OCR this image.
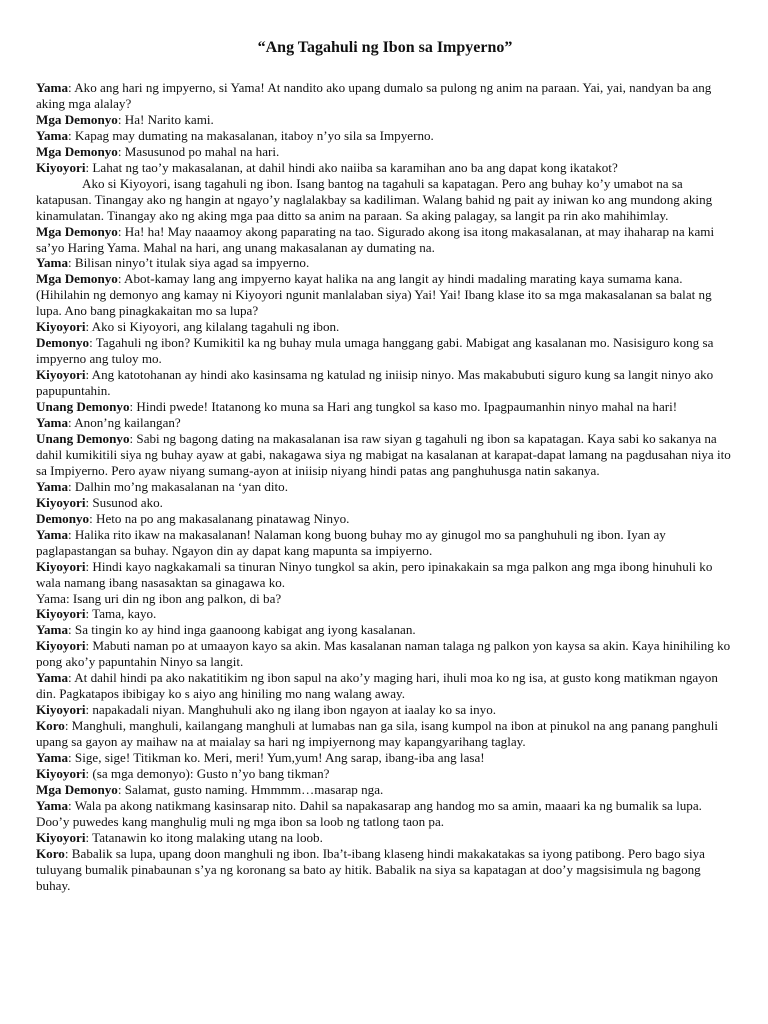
“Ang Tagahuli ng Ibon sa Impyerno”

Yama: Ako ang hari ng impyerno, si Yama! At nandito ako upang dumalo sa pulong ng anim na paraan. Yai, yai, nandyan ba ang aking mga alalay?

Mga Demonyo: Ha! Narito kami.

Yama: Kapag may dumating na makasalanan, itaboy n’yo sila sa Impyerno.

Mga Demonyo: Masusunod po mahal na hari.

Kiyoyori: Lahat ng tao’y makasalanan, at dahil hindi ako naiiba sa karamihan ano ba ang dapat kong ikatakot?

Ako si Kiyoyori, isang tagahuli ng ibon. Isang bantog na tagahuli sa kapatagan. Pero ang buhay ko’y umabot na sa katapusan. Tinangay ako ng hangin at ngayo’y naglalakbay sa kadiliman. Walang bahid ng pait ay iniwan ko ang mundong aking kinamulatan. Tinangay ako ng aking mga paa ditto sa anim na paraan. Sa aking palagay, sa langit pa rin ako mahihimlay.

Mga Demonyo: Ha! ha! May naaamoy akong paparating na tao. Sigurado akong isa itong makasalanan, at may ihaharap na kami sa’yo Haring Yama. Mahal na hari, ang unang makasalanan ay dumating na.

Yama: Bilisan ninyo’t itulak siya agad sa impyerno.

Mga Demonyo: Abot-kamay lang ang impyerno kayat halika na ang langit ay hindi madaling marating kaya sumama kana. (Hihilahin ng demonyo ang kamay ni Kiyoyori ngunit manlalaban siya) Yai! Yai! Ibang klase ito sa mga makasalanan sa balat ng lupa. Ano bang pinagkakaitan mo sa lupa?

Kiyoyori: Ako si Kiyoyori, ang kilalang tagahuli ng ibon.

Demonyo: Tagahuli ng ibon? Kumikitil ka ng buhay mula umaga hanggang gabi. Mabigat ang kasalanan mo. Nasisiguro kong sa impyerno ang tuloy mo.

Kiyoyori: Ang katotohanan ay hindi ako kasinsama ng katulad ng iniisip ninyo. Mas makabubuti siguro kung sa langit ninyo ako papupuntahin.

Unang Demonyo: Hindi pwede! Itatanong ko muna sa Hari ang tungkol sa kaso mo. Ipagpaumanhin ninyo mahal na hari!

Yama: Anon’ng kailangan?

Unang Demonyo: Sabi ng bagong dating na makasalanan isa raw siyan g tagahuli ng ibon sa kapatagan. Kaya sabi ko sakanya na dahil kumikitili siya ng buhay ayaw at gabi, nakagawa siya ng mabigat na kasalanan at karapat-dapat lamang na pagdusahan niya ito sa Impiyerno. Pero ayaw niyang sumang-ayon at iniisip niyang hindi patas ang panghuhusga natin sakanya.

Yama: Dalhin mo’ng makasalanan na ‘yan dito.

Kiyoyori: Susunod ako.

Demonyo: Heto na po ang makasalanang pinatawag Ninyo.

Yama: Halika rito ikaw na makasalanan! Nalaman kong buong buhay mo ay ginugol mo sa panghuhuli ng ibon. Iyan ay paglapastangan sa buhay. Ngayon din ay dapat kang mapunta sa impiyerno.

Kiyoyori: Hindi kayo nagkakamali sa tinuran Ninyo tungkol sa akin, pero ipinakakain sa mga palkon ang mga ibong hinuhuli ko wala namang ibang nasasaktan sa ginagawa ko.

Yama: Isang uri din ng ibon ang palkon, di ba?

Kiyoyori: Tama, kayo.

Yama: Sa tingin ko ay hind inga gaanoong kabigat ang iyong kasalanan.

Kiyoyori: Mabuti naman po at umaayon kayo sa akin. Mas kasalanan naman talaga ng palkon yon kaysa sa akin. Kaya hinihiling ko pong ako’y papuntahin Ninyo sa langit.

Yama: At dahil hindi pa ako nakatitikim ng ibon sapul na ako’y maging hari, ihuli moa ko ng isa, at gusto kong matikman ngayon din. Pagkatapos ibibigay ko s aiyo ang hiniling mo nang walang away.

Kiyoyori: napakadali niyan. Manghuhuli ako ng ilang ibon ngayon at iaalay ko sa inyo.

Koro: Manghuli, manghuli, kailangang manghuli at lumabas nan ga sila, isang kumpol na ibon at pinukol na ang panang panghuli upang sa gayon ay maihaw na at maialay sa hari ng impiyernong may kapangyarihang taglay.

Yama: Sige, sige! Titikman ko. Meri, meri! Yum,yum! Ang sarap, ibang-iba ang lasa!

Kiyoyori: (sa mga demonyo): Gusto n’yo bang tikman?

Mga Demonyo: Salamat, gusto naming. Hmmmm…masarap nga.

Yama: Wala pa akong natikmang kasinsarap nito. Dahil sa napakasarap ang handog mo sa amin, maaari ka ng bumalik sa lupa. Doo’y puwedes kang manghulig muli ng mga ibon sa loob ng tatlong taon pa.

Kiyoyori: Tatanawin ko itong malaking utang na loob.

Koro: Babalik sa lupa, upang doon manghuli ng ibon. Iba’t-ibang klaseng hindi makakatakas sa iyong patibong. Pero bago siya tuluyang bumalik pinabaunan s’ya ng koronang sa bato ay hitik. Babalik na siya sa kapatagan at doo’y magsisimula ng bagong buhay.
